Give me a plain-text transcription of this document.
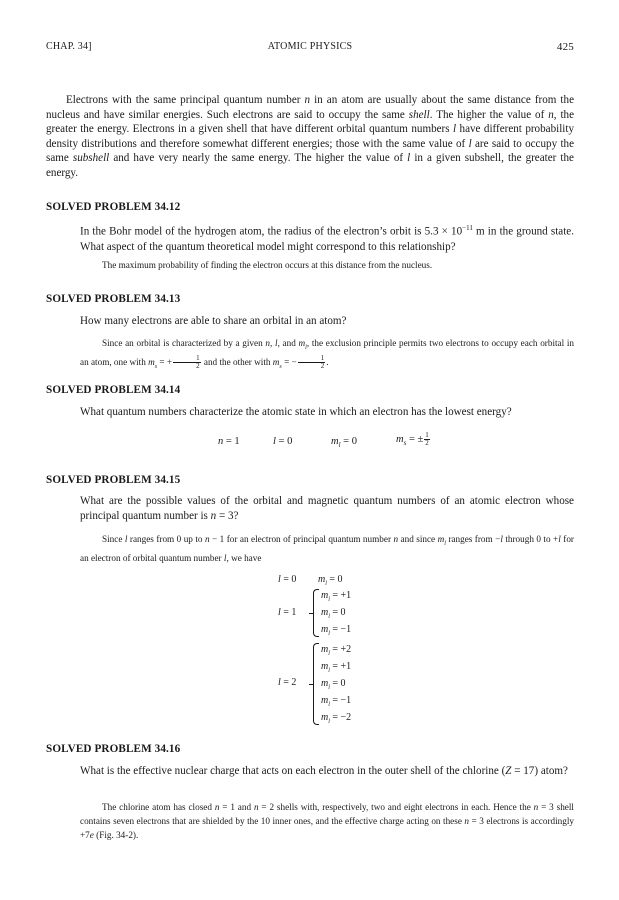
CHAP. 34]	ATOMIC PHYSICS	425

Electrons with the same principal quantum number n in an atom are usually about the same distance from the nucleus and have similar energies. Such electrons are said to occupy the same shell. The higher the value of n, the greater the energy. Electrons in a given shell that have different orbital quantum numbers l have different probability density distributions and therefore somewhat different energies; those with the same value of l are said to occupy the same subshell and have very nearly the same energy. The higher the value of l in a given subshell, the greater the energy.

SOLVED PROBLEM 34.12

In the Bohr model of the hydrogen atom, the radius of the electron’s orbit is $5.3 \times 10^{-11}$ m in the ground state. What aspect of the quantum theoretical model might correspond to this relationship?

The maximum probability of finding the electron occurs at this distance from the nucleus.

SOLVED PROBLEM 34.13

How many electrons are able to share an orbital in an atom?

Since an orbital is characterized by a given n, l, and $m_l$, the exclusion principle permits two electrons to occupy each orbital in an atom, one with $m_s$ = + $\frac{1}{2}$ and the other with $m_s$ = − $\frac{1}{2}$ .

SOLVED PROBLEM 34.14

What quantum numbers characterize the atomic state in which an electron has the lowest energy?

n = 1	l = 0	$m_l = 0$	$m_s$ = ± $\frac{1}{2}$
SOLVED PROBLEM 34.15

What are the possible values of the orbital and magnetic quantum numbers of an atomic electron whose principal quantum number is n = 3?

Since l ranges from 0 up to n − 1 for an electron of principal quantum number n and since $m_l$ ranges from −l through 0 to +l for an electron of orbital quantum number l, we have

l = 0 $m_l = 0$
l = 1
$m_l = +1$
$m_l = 0$
$m_l = -1$
l = 2
$m_l = +2$
$m_l = +1$
$m_l = 0$
$m_l = -1$
$m_l = -2$
SOLVED PROBLEM 34.16

What is the effective nuclear charge that acts on each electron in the outer shell of the chlorine (Z = 17) atom?

The chlorine atom has closed n = 1 and n = 2 shells with, respectively, two and eight electrons in each. Hence the n = 3 shell contains seven electrons that are shielded by the 10 inner ones, and the effective charge acting on these n = 3 electrons is accordingly +7e (Fig. 34-2).
